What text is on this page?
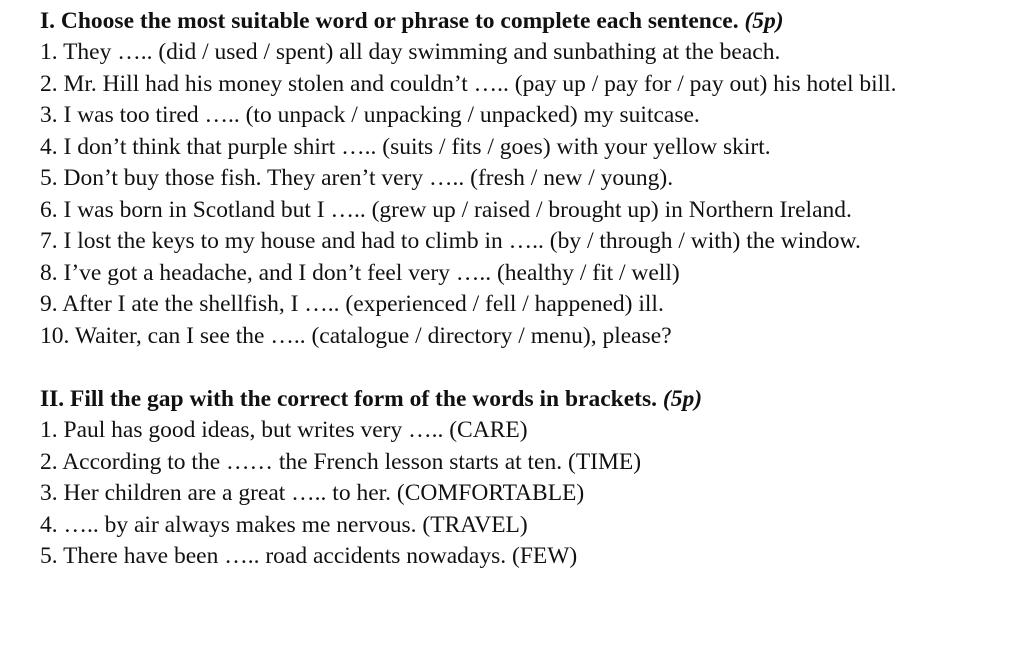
I. Choose the most suitable word or phrase to complete each sentence. (5p)
1. They ….. (did / used / spent) all day swimming and sunbathing at the beach.
2. Mr. Hill had his money stolen and couldn’t ….. (pay up / pay for / pay out) his hotel bill.
3. I was too tired ….. (to unpack / unpacking / unpacked) my suitcase.
4. I don’t think that purple shirt ….. (suits / fits / goes) with your yellow skirt.
5. Don’t buy those fish. They aren’t very ….. (fresh / new / young).
6. I was born in Scotland but I ….. (grew up / raised / brought up) in Northern Ireland.
7. I lost the keys to my house and had to climb in ….. (by / through / with) the window.
8. I’ve got a headache, and I don’t feel very ….. (healthy / fit / well)
9. After I ate the shellfish, I ….. (experienced / fell / happened) ill.
10. Waiter, can I see the ….. (catalogue / directory / menu), please?
II. Fill the gap with the correct form of the words in brackets. (5p)
1. Paul has good ideas, but writes very ….. (CARE)
2. According to the …… the French lesson starts at ten. (TIME)
3. Her children are a great ….. to her. (COMFORTABLE)
4. ….. by air always makes me nervous. (TRAVEL)
5. There have been ….. road accidents nowadays. (FEW)
